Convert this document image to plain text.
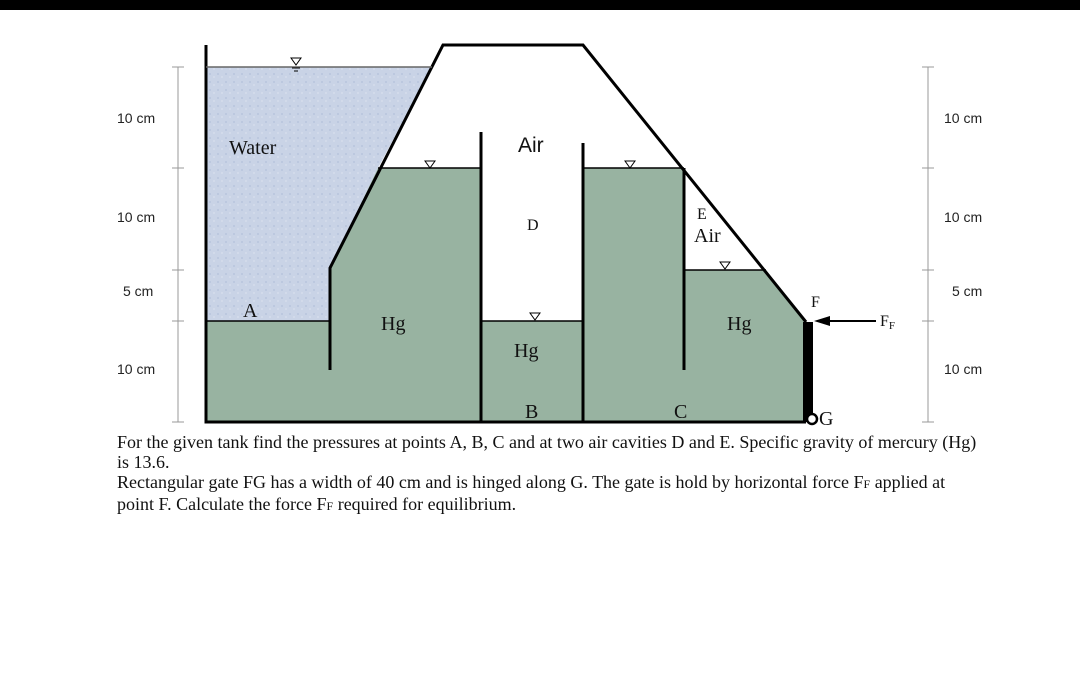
10 cm
10 cm
5 cm
10 cm
10 cm
10 cm
5 cm
10 cm
Water	Air
D
E
Air
Hg
Hg
Hg
A
B	C
F
G
FF

For the given tank find the pressures at points A, B, C and at two air cavities D and E. Specific gravity of mercury (Hg) is 13.6.

Rectangular gate FG has a width of 40 cm and is hinged along G. The gate is hold by horizontal force FF applied at point F. Calculate the force FF required for equilibrium.
